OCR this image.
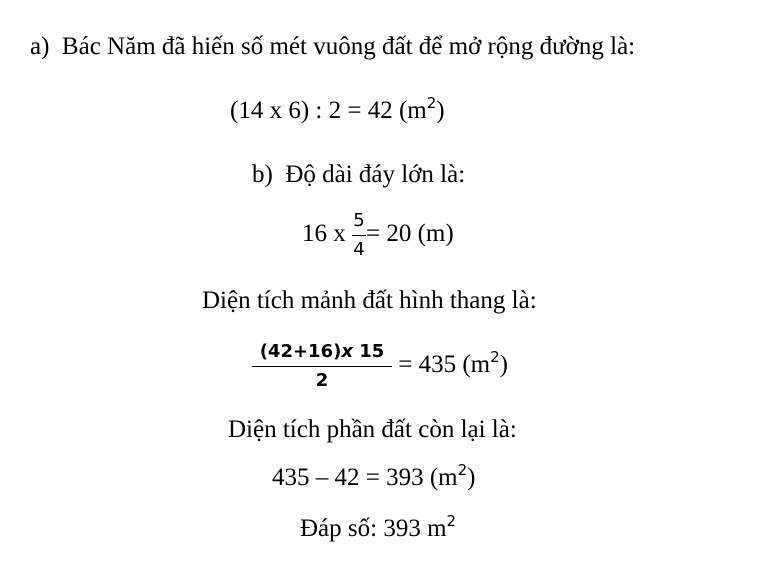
a) Bác Năm đã hiến số mét vuông đất để mở rộng đường là:
(14 x 6) : 2 = 42 $(m^2)$
b) Độ dài đáy lớn là:
16 x $\frac{5}{4} = 20$ (m)
Diện tích mảnh đất hình thang là:
$\frac{(42+16)x 15}{2} = 435$ $(m^2)$
Diện tích phần đất còn lại là:
435 – 42 = 393 $(m^2)$
Đáp số: 393 $m^2$
